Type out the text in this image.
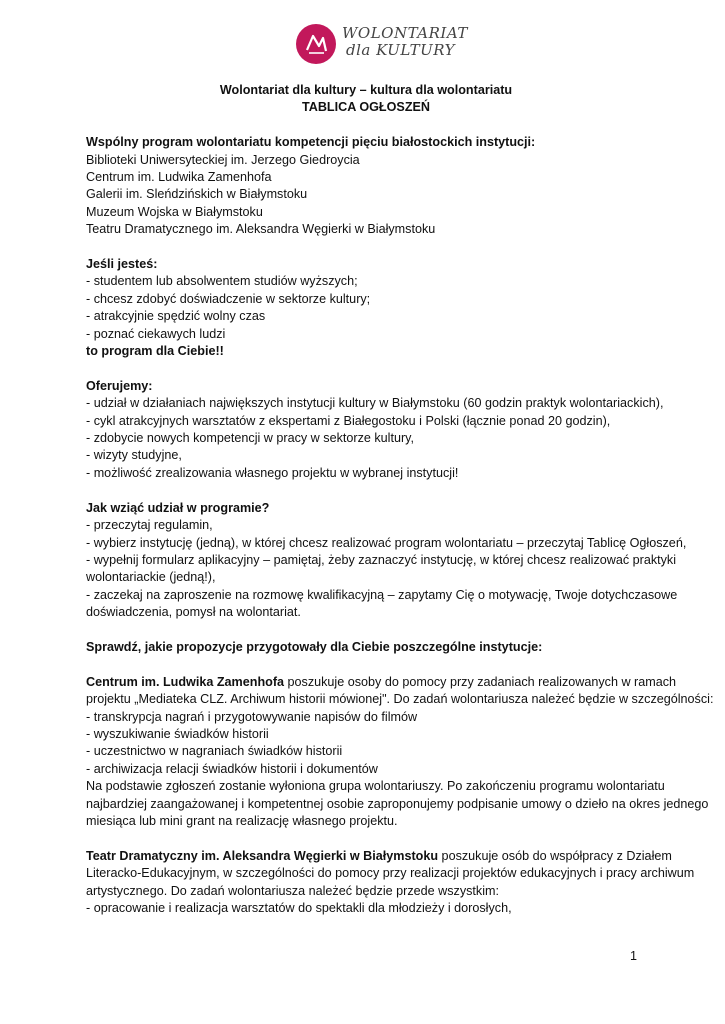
WOLONTARIAT
dla KULTURY
Wolontariat dla kultury – kultura dla wolontariatu
TABLICA OGŁOSZEŃ
Wspólny program wolontariatu kompetencji pięciu białostockich instytucji:
Biblioteki Uniwersyteckiej im. Jerzego Giedroycia
Centrum im. Ludwika Zamenhofa
Galerii im. Sleńdzińskich w Białymstoku
Muzeum Wojska w Białymstoku
Teatru Dramatycznego im. Aleksandra Węgierki w Białymstoku
Jeśli jesteś:
- studentem lub absolwentem studiów wyższych;
- chcesz zdobyć doświadczenie w sektorze kultury;
- atrakcyjnie spędzić wolny czas
- poznać ciekawych ludzi
to program dla Ciebie!!
Oferujemy:
- udział w działaniach największych instytucji kultury w Białymstoku (60 godzin praktyk wolontariackich),
- cykl atrakcyjnych warsztatów z ekspertami z Białegostoku i Polski (łącznie ponad 20 godzin),
- zdobycie nowych kompetencji w pracy w sektorze kultury,
- wizyty studyjne,
- możliwość zrealizowania własnego projektu w wybranej instytucji!
Jak wziąć udział w programie?
- przeczytaj regulamin,
- wybierz instytucję (jedną), w której chcesz realizować program wolontariatu – przeczytaj Tablicę Ogłoszeń,
- wypełnij formularz aplikacyjny – pamiętaj, żeby zaznaczyć instytucję, w której chcesz realizować praktyki
wolontariackie (jedną!),
- zaczekaj na zaproszenie na rozmowę kwalifikacyjną – zapytamy Cię o motywację, Twoje dotychczasowe
doświadczenia, pomysł na wolontariat.
Sprawdź, jakie propozycje przygotowały dla Ciebie poszczególne instytucje:
Centrum im. Ludwika Zamenhofa poszukuje osoby do pomocy przy zadaniach realizowanych w ramach
projektu „Mediateka CLZ. Archiwum historii mówionej". Do zadań wolontariusza należeć będzie w szczególności:
- transkrypcja nagrań i przygotowywanie napisów do filmów
- wyszukiwanie świadków historii
- uczestnictwo w nagraniach świadków historii
- archiwizacja relacji świadków historii i dokumentów
Na podstawie zgłoszeń zostanie wyłoniona grupa wolontariuszy. Po zakończeniu programu wolontariatu
najbardziej zaangażowanej i kompetentnej osobie zaproponujemy podpisanie umowy o dzieło na okres jednego
miesiąca lub mini grant na realizację własnego projektu.
Teatr Dramatyczny im. Aleksandra Węgierki w Białymstoku poszukuje osób do współpracy z Działem
Literacko-Edukacyjnym, w szczególności do pomocy przy realizacji projektów edukacyjnych i pracy archiwum
artystycznego. Do zadań wolontariusza należeć będzie przede wszystkim:
- opracowanie i realizacja warsztatów do spektakli dla młodzieży i dorosłych,
1
